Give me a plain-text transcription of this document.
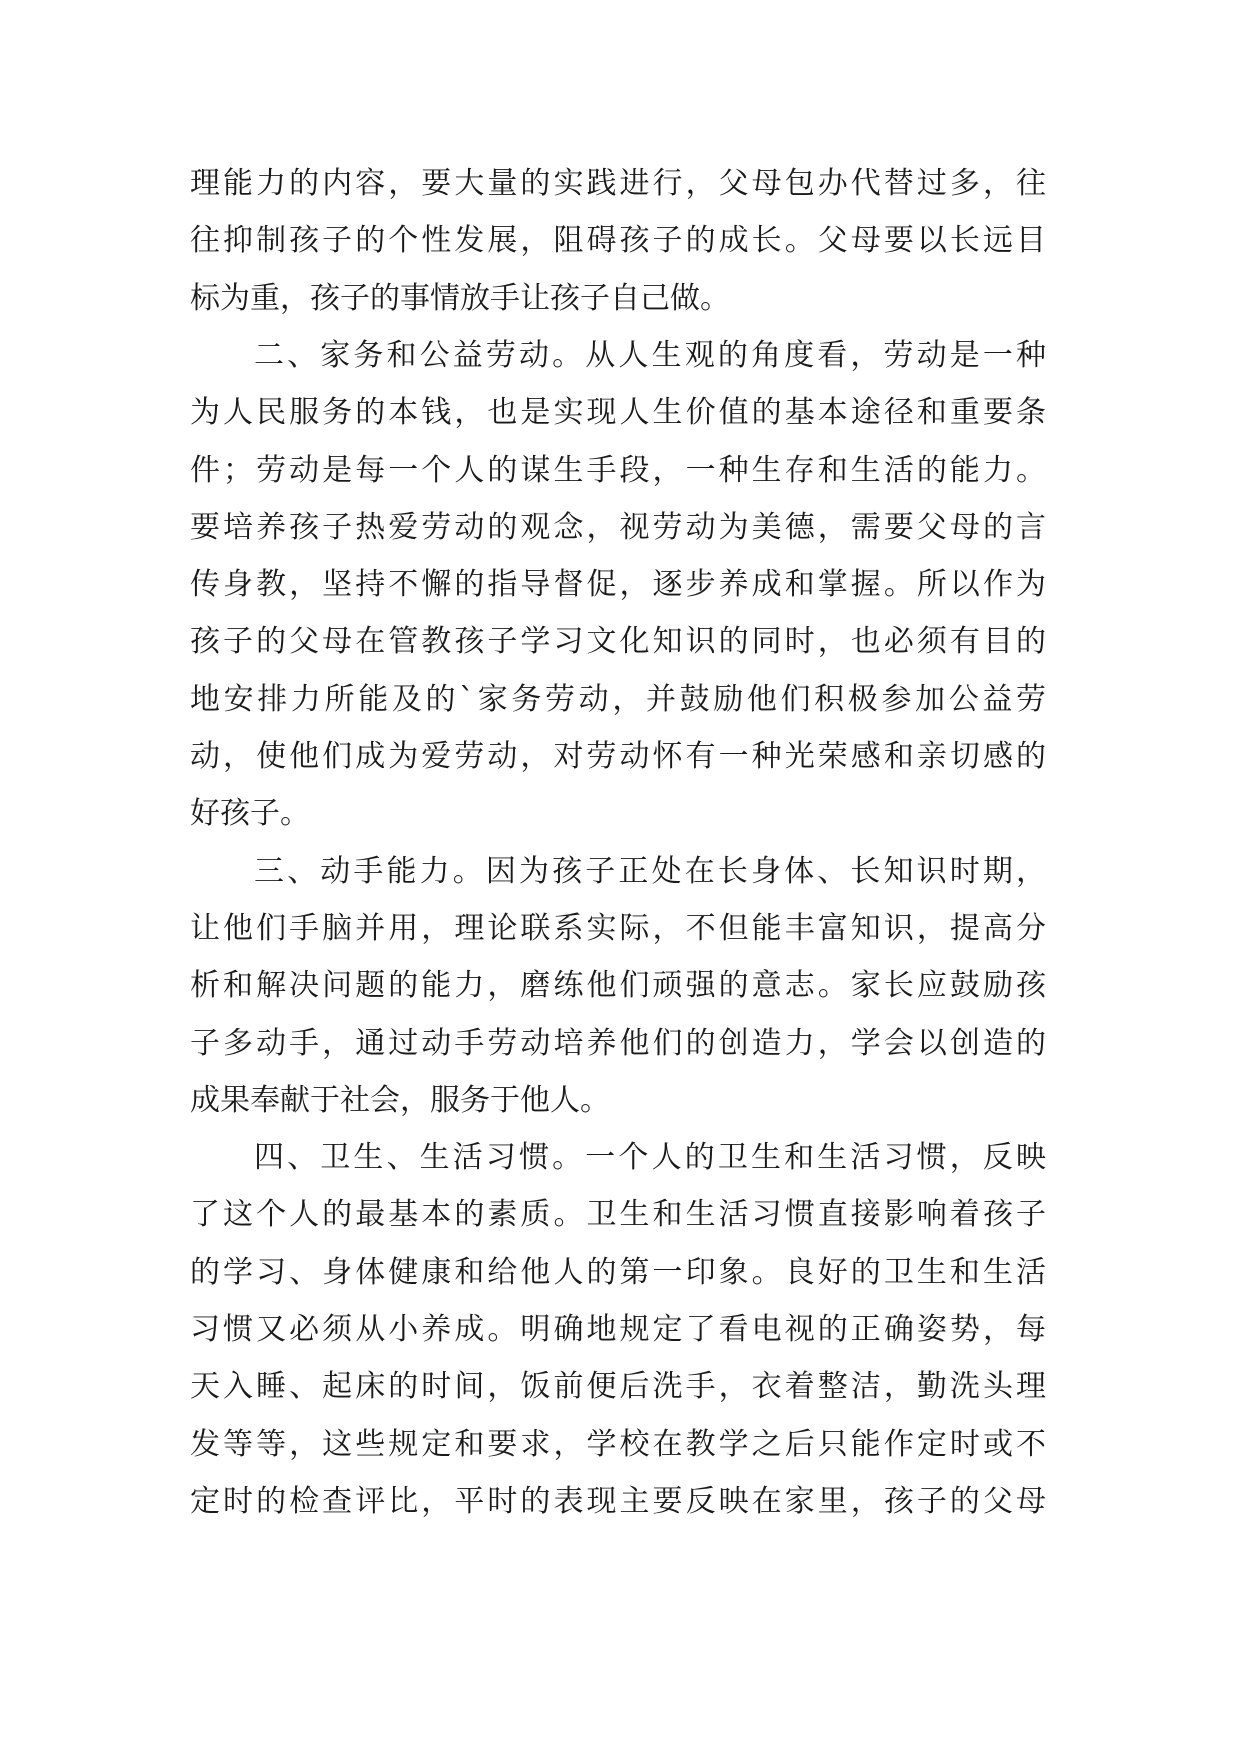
理能力的内容，要大量的实践进行，父母包办代替过多，往
往抑制孩子的个性发展，阻碍孩子的成长。父母要以长远目
标为重，孩子的事情放手让孩子自己做。
二、家务和公益劳动。从人生观的角度看，劳动是一种
为人民服务的本钱，也是实现人生价值的基本途径和重要条
件；劳动是每一个人的谋生手段，一种生存和生活的能力。
要培养孩子热爱劳动的观念，视劳动为美德，需要父母的言
传身教，坚持不懈的指导督促，逐步养成和掌握。所以作为
孩子的父母在管教孩子学习文化知识的同时，也必须有目的
地安排力所能及的`家务劳动，并鼓励他们积极参加公益劳
动，使他们成为爱劳动，对劳动怀有一种光荣感和亲切感的
好孩子。
三、动手能力。因为孩子正处在长身体、长知识时期，
让他们手脑并用，理论联系实际，不但能丰富知识，提高分
析和解决问题的能力，磨练他们顽强的意志。家长应鼓励孩
子多动手，通过动手劳动培养他们的创造力，学会以创造的
成果奉献于社会，服务于他人。
四、卫生、生活习惯。一个人的卫生和生活习惯，反映
了这个人的最基本的素质。卫生和生活习惯直接影响着孩子
的学习、身体健康和给他人的第一印象。良好的卫生和生活
习惯又必须从小养成。明确地规定了看电视的正确姿势，每
天入睡、起床的时间，饭前便后洗手，衣着整洁，勤洗头理
发等等，这些规定和要求，学校在教学之后只能作定时或不
定时的检查评比，平时的表现主要反映在家里，孩子的父母
